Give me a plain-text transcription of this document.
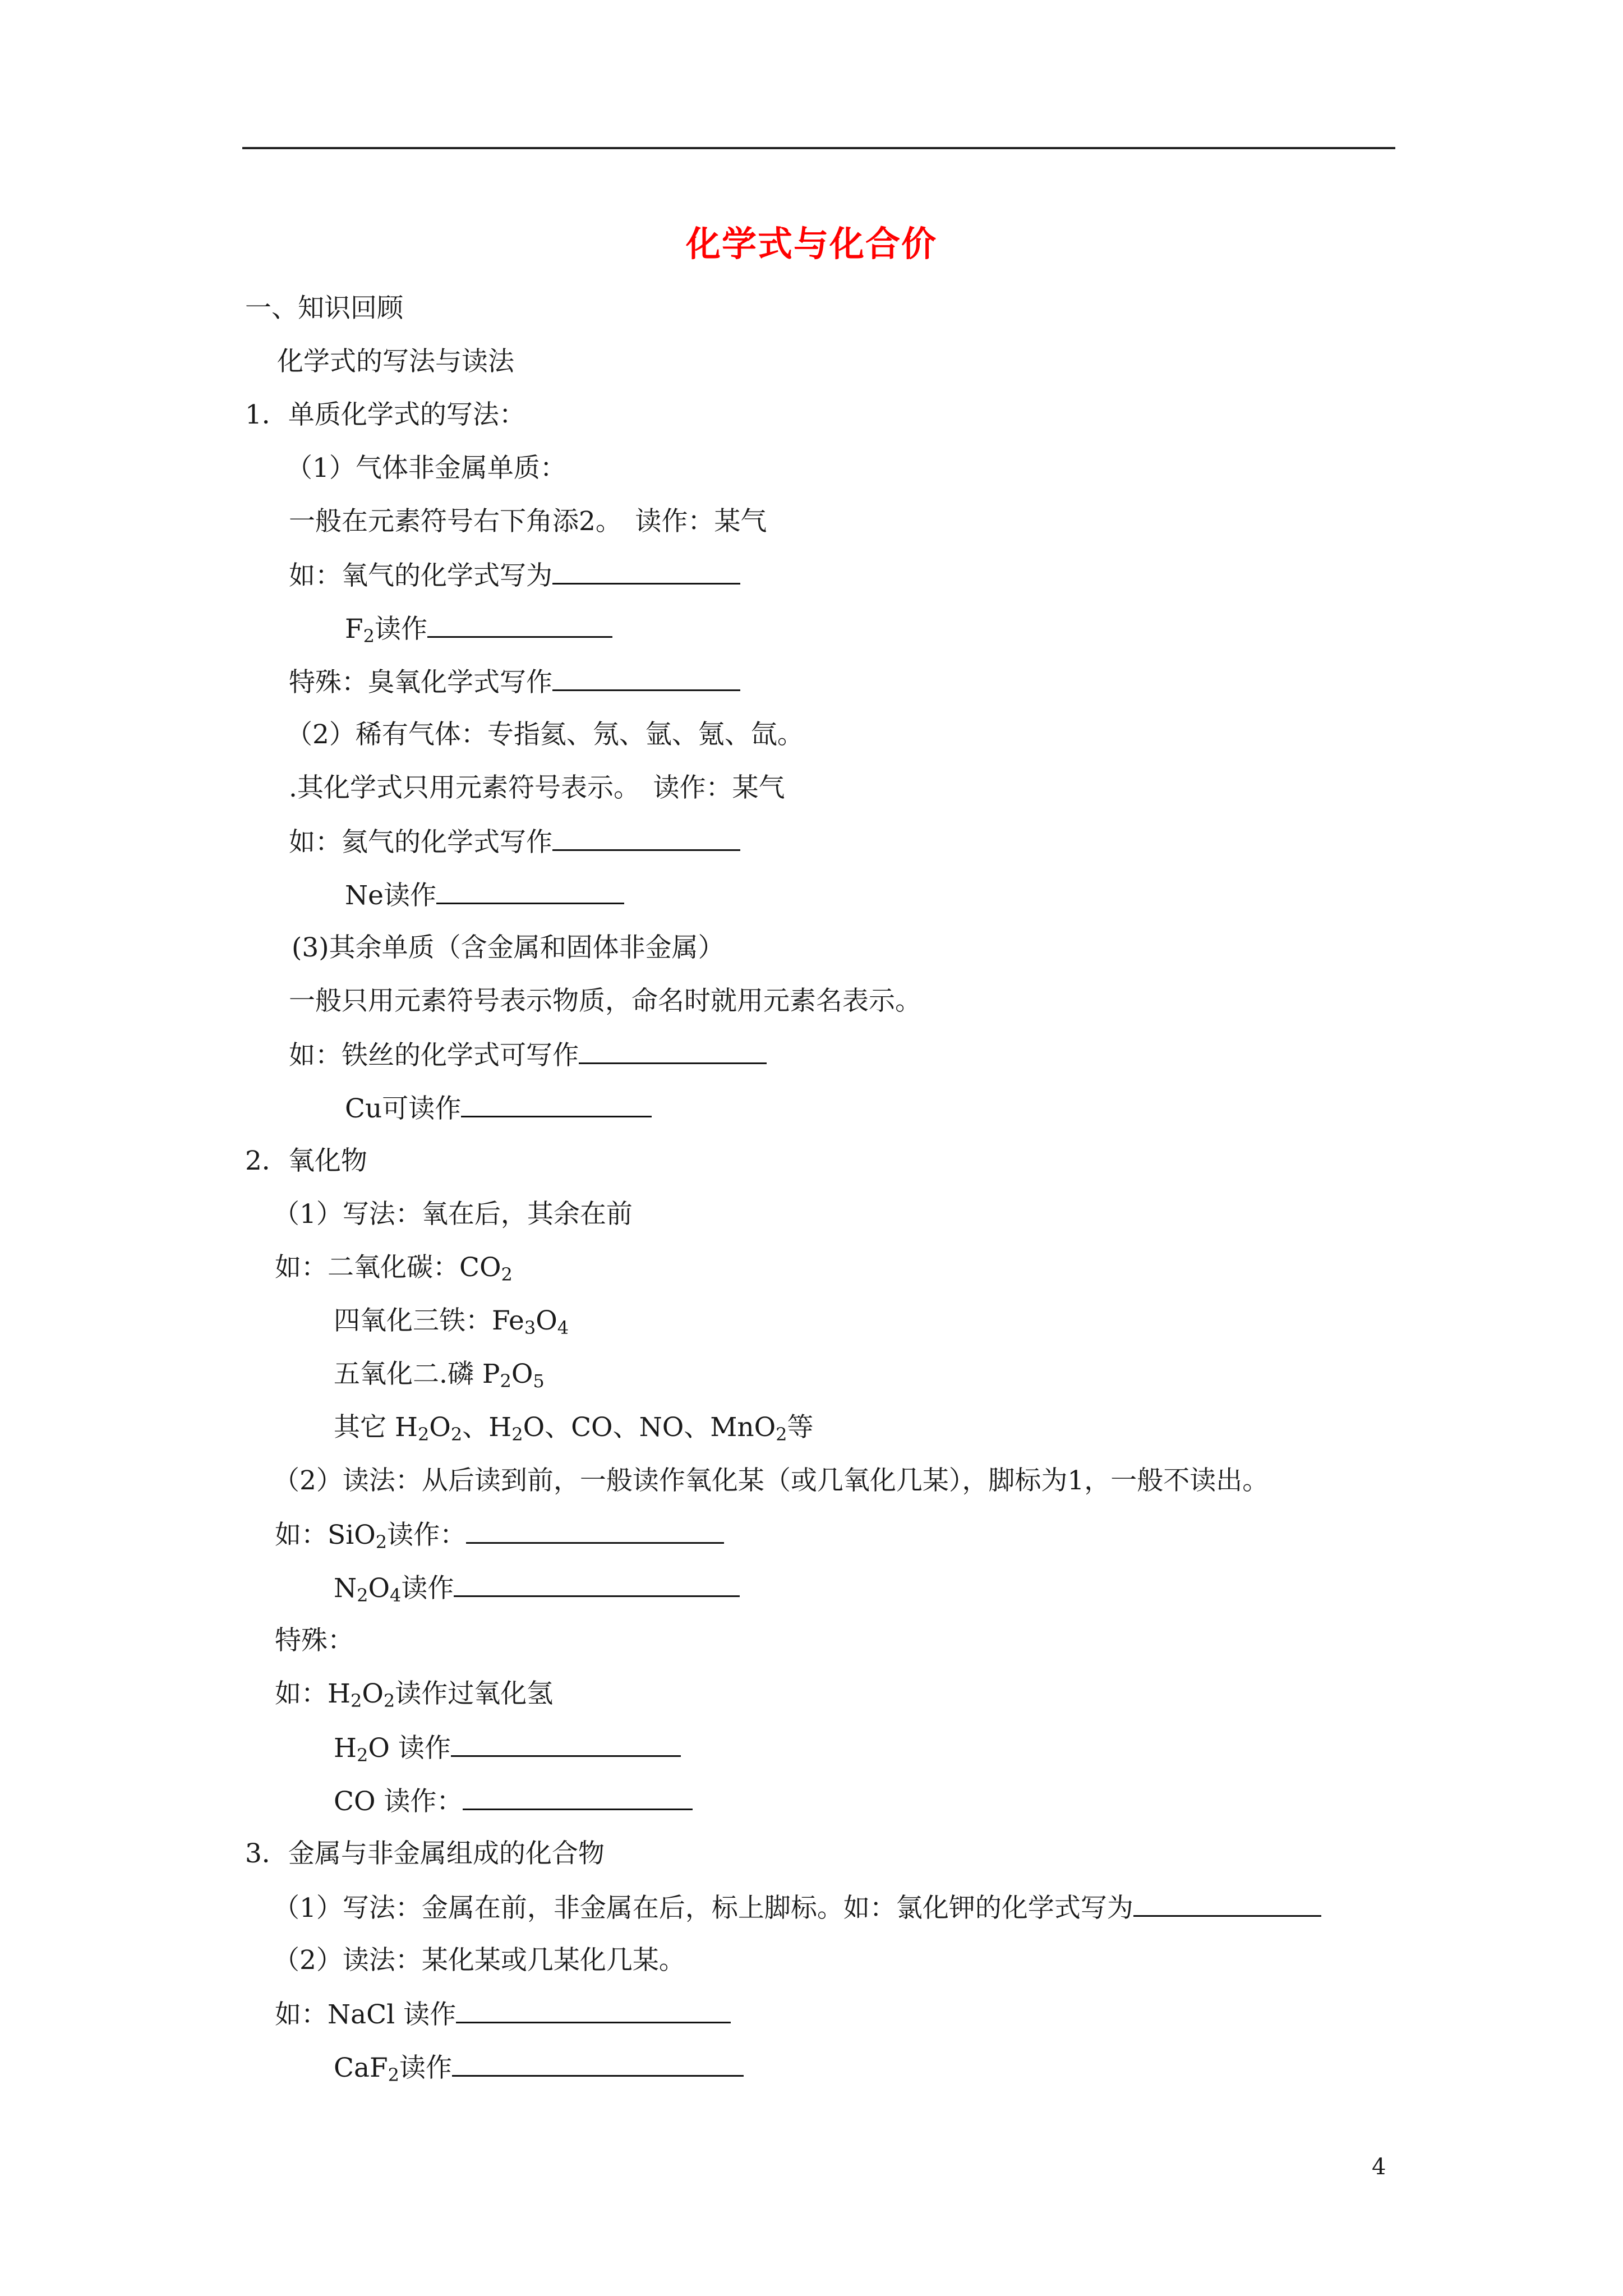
化学式与化合价
一、知识回顾
化学式的写法与读法
1．单质化学式的写法：
（1）气体非金属单质：
一般在元素符号右下角添2。　读作：某气
如：氧气的化学式写为
$F_2$读作
特殊：臭氧化学式写作
（2）稀有气体：专指氦、氖、氩、氪、氙。
.其化学式只用元素符号表示。　读作：某气
如：氦气的化学式写作
Ne读作
(3)其余单质（含金属和固体非金属）
一般只用元素符号表示物质，命名时就用元素名表示。
如：铁丝的化学式可写作
Cu可读作
2．氧化物
（1）写法：氧在后，其余在前
如：二氧化碳：$CO_2$
四氧化三铁：$Fe_3O_4$
五氧化二.磷 $P_2O_5$
其它 $H_2O_2$、$H_2O$、CO、NO、MnO$_2$等
（2）读法：从后读到前，一般读作氧化某（或几氧化几某），脚标为1，一般不读出。
如：SiO$_2$读作：
$N_2O_4$读作
特殊：
如：$H_2O_2$读作过氧化氢
$H_2O$ 读作
CO 读作：
3．金属与非金属组成的化合物
（1）写法：金属在前，非金属在后，标上脚标。如：氯化钾的化学式写为
（2）读法：某化某或几某化几某。
如：NaCl 读作
CaF$_2$读作
4
